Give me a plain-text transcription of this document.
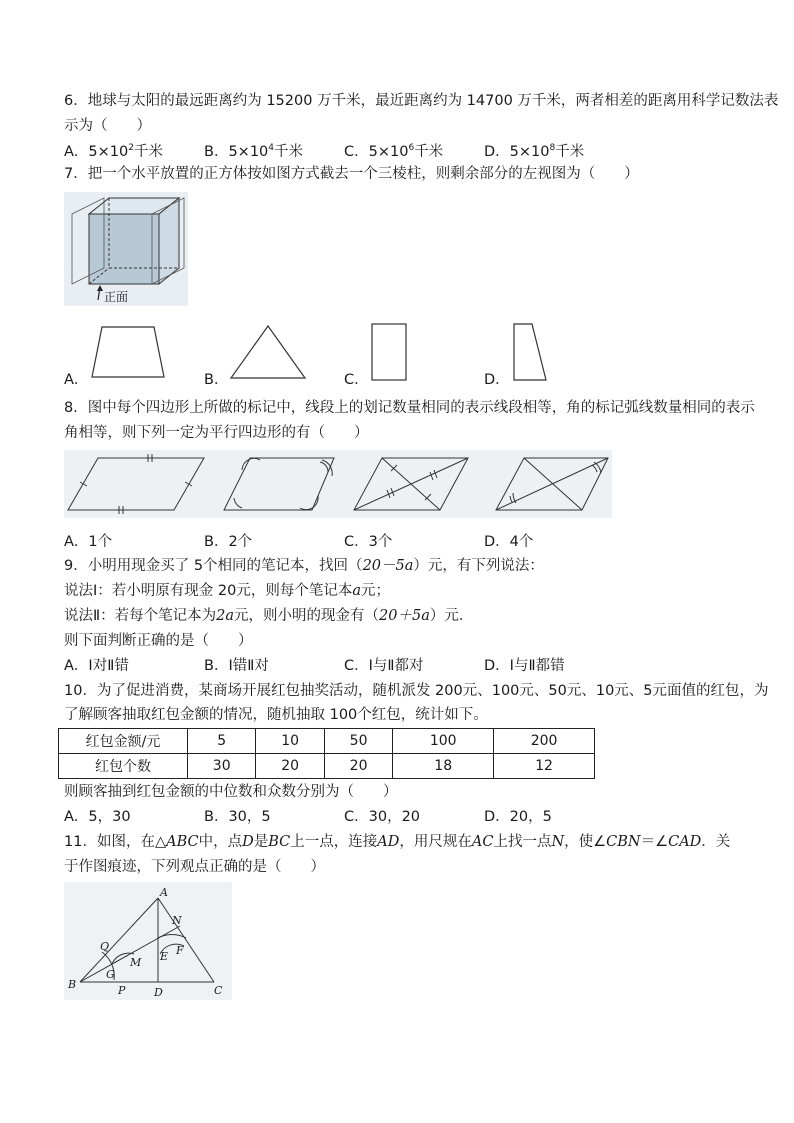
6．地球与太阳的最远距离约为 15200 万千米，最近距离约为 14700 万千米，两者相差的距离用科学记数法表
示为（　　）
A．$5\times 10^2$千米	B．$5\times 10^4$千米	C．$5\times 10^6$千米	D．$5\times 10^8$千米
7．把一个水平放置的正方体按如图方式截去一个三棱柱，则剩余部分的左视图为（　　）
正面
A．	B．	C．	D．
8．图中每个四边形上所做的标记中，线段上的划记数量相同的表示线段相等，角的标记弧线数量相同的表示
角相等，则下列一定为平行四边形的有（　　）
A．1个	B．2个	C．3个	D．4个
9．小明用现金买了 5个相同的笔记本，找回（20－5a）元，有下列说法：
说法Ⅰ：若小明原有现金 20元，则每个笔记本a元；
说法Ⅱ：若每个笔记本为2a元，则小明的现金有（20＋5a）元．
则下面判断正确的是（　　）
A．Ⅰ对Ⅱ错	B．Ⅰ错Ⅱ对	C．Ⅰ与Ⅱ都对	D．Ⅰ与Ⅱ都错
10．为了促进消费，某商场开展红包抽奖活动，随机派发 200元、100元、50元、10元、5元面值的红包，为
了解顾客抽取红包金额的情况，随机抽取 100个红包，统计如下。
红包金额/元	5	10	50	100	200
红包个数	30	20	20	18	12
则顾客抽到红包金额的中位数和众数分别为（　　）
A．5，30	B．30，5	C．30，20	D．20，5
11．如图，在△ABC中，点D是BC上一点，连接AD，用尺规在AC上找一点N，使∠CBN＝∠CAD．关
于作图痕迹，下列观点正确的是（　　）
A
N
Q
E F
M
G
B	P	D	C
